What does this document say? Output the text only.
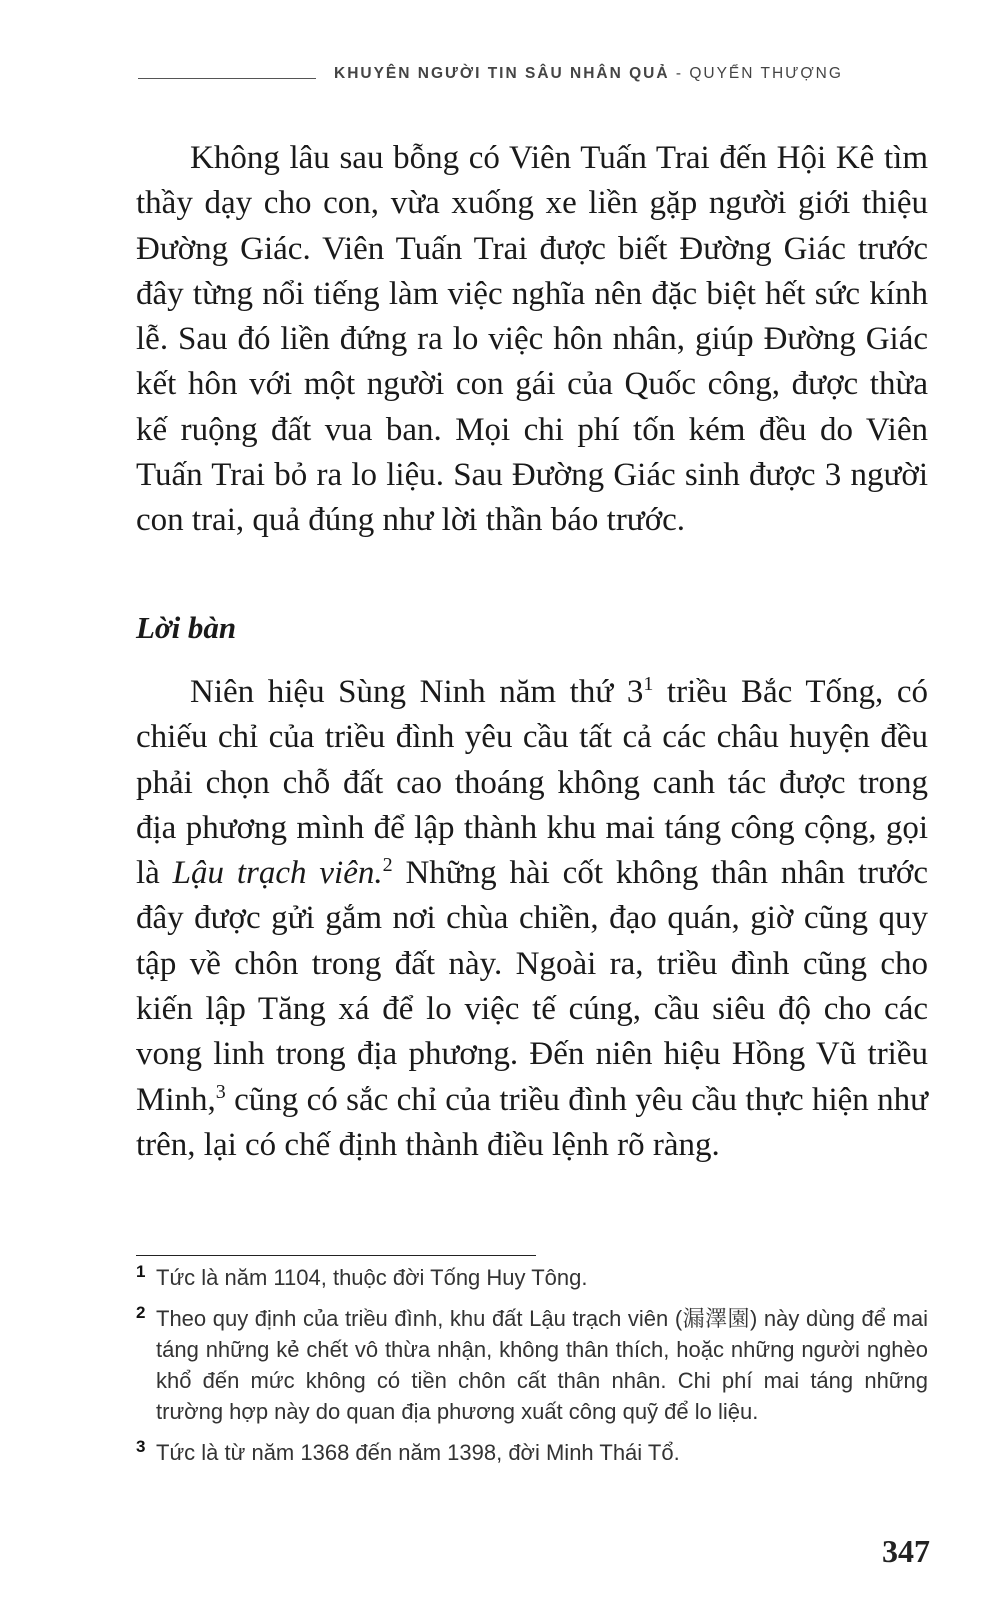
KHUYÊN NGƯỜI TIN SÂU NHÂN QUẢ - QUYỂN THƯỢNG

Không lâu sau bỗng có Viên Tuấn Trai đến Hội Kê tìm thầy dạy cho con, vừa xuống xe liền gặp người giới thiệu Đường Giác. Viên Tuấn Trai được biết Đường Giác trước đây từng nổi tiếng làm việc nghĩa nên đặc biệt hết sức kính lễ. Sau đó liền đứng ra lo việc hôn nhân, giúp Đường Giác kết hôn với một người con gái của Quốc công, được thừa kế ruộng đất vua ban. Mọi chi phí tốn kém đều do Viên Tuấn Trai bỏ ra lo liệu. Sau Đường Giác sinh được 3 người con trai, quả đúng như lời thần báo trước.

Lời bàn

Niên hiệu Sùng Ninh năm thứ $3^1$ triều Bắc Tống, có chiếu chỉ của triều đình yêu cầu tất cả các châu huyện đều phải chọn chỗ đất cao thoáng không canh tác được trong địa phương mình để lập thành khu mai táng công cộng, gọi là Lậu trạch viên.$^2$ Những hài cốt không thân nhân trước đây được gửi gắm nơi chùa chiền, đạo quán, giờ cũng quy tập về chôn trong đất này. Ngoài ra, triều đình cũng cho kiến lập Tăng xá để lo việc tế cúng, cầu siêu độ cho các vong linh trong địa phương. Đến niên hiệu Hồng Vũ triều Minh,$^3$ cũng có sắc chỉ của triều đình yêu cầu thực hiện như trên, lại có chế định thành điều lệnh rõ ràng.

1 Tức là năm 1104, thuộc đời Tống Huy Tông.

2 Theo quy định của triều đình, khu đất Lậu trạch viên (漏澤園) này dùng để mai táng những kẻ chết vô thừa nhận, không thân thích, hoặc những người nghèo khổ đến mức không có tiền chôn cất thân nhân. Chi phí mai táng những trường hợp này do quan địa phương xuất công quỹ để lo liệu.

3 Tức là từ năm 1368 đến năm 1398, đời Minh Thái Tổ.

347
